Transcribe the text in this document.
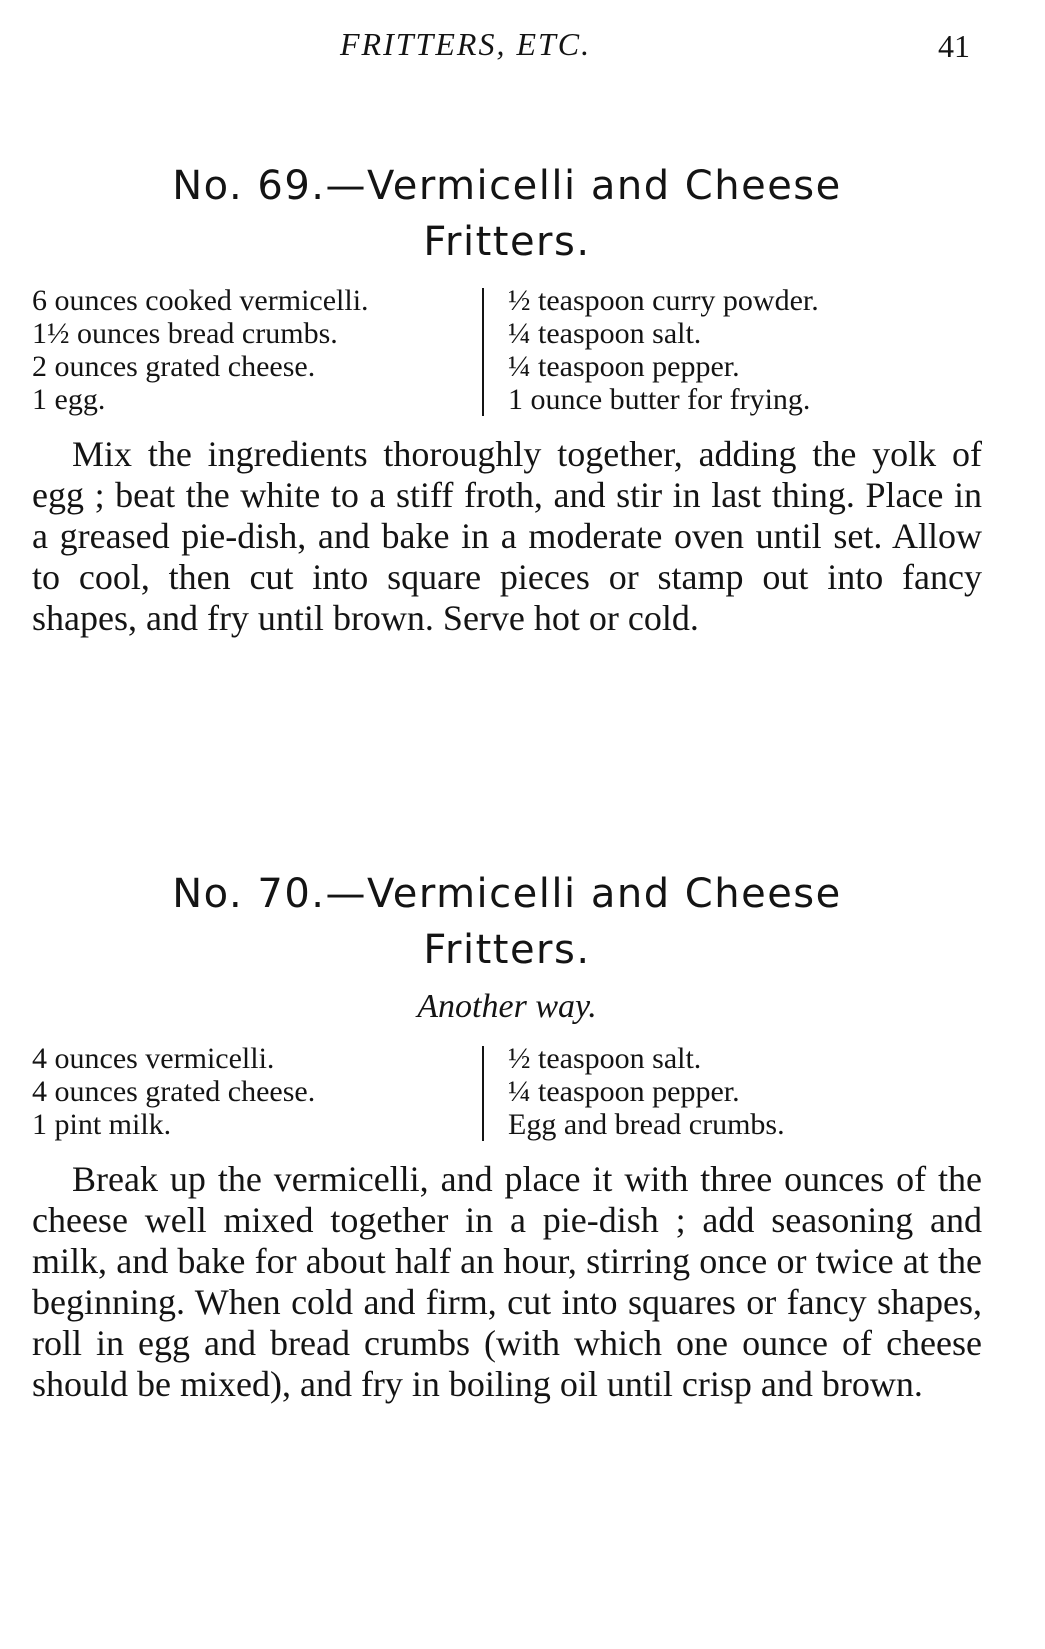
FRITTERS, ETC.	41
No. 69.—Vermicelli and Cheese
Fritters.
6 ounces cooked vermicelli.
1½ ounces bread crumbs.
2 ounces grated cheese.
1 egg.
½ teaspoon curry powder.
¼ teaspoon salt.
¼ teaspoon pepper.
1 ounce butter for frying.

Mix the ingredients thoroughly together, adding the yolk of egg ; beat the white to a stiff froth, and stir in last thing. Place in a greased pie-dish, and bake in a moderate oven until set. Allow to cool, then cut into square pieces or stamp out into fancy shapes, and fry until brown. Serve hot or cold.

No. 70.—Vermicelli and Cheese
Fritters.
Another way.
4 ounces vermicelli.
4 ounces grated cheese.
1 pint milk.
½ teaspoon salt.
¼ teaspoon pepper.
Egg and bread crumbs.

Break up the vermicelli, and place it with three ounces of the cheese well mixed together in a pie-dish ; add seasoning and milk, and bake for about half an hour, stirring once or twice at the beginning. When cold and firm, cut into squares or fancy shapes, roll in egg and bread crumbs (with which one ounce of cheese should be mixed), and fry in boiling oil until crisp and brown.
